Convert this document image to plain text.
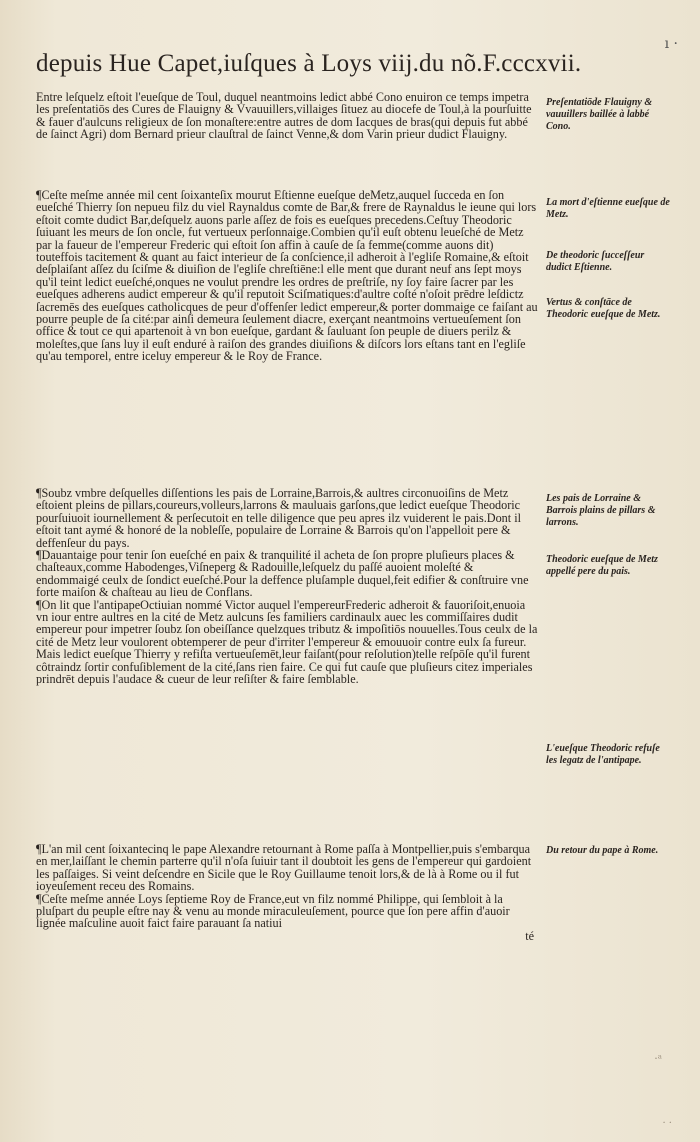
depuis Hue Capet,iuſques à Loys viij.du nõ.F.cccxvii.
ı ·

Entre leſquelz eſtoit l'eueſque de Toul, duquel neantmoins ledict abbé Cono enuiron ce temps impetra les preſentatiōs des Cures de Flauigny & Vvauuillers,villaiges ſituez au diocefe de Toul,à la pourſuitte & fauer d'aulcuns religieux de ſon monaſtere:entre autres de dom Iacques de bras(qui depuis fut abbé de ſainct Agri) dom Bernard prieur clauſtral de ſainct Venne,& dom Varin prieur dudict Flauigny.

¶Ceſte meſme année mil cent ſoixanteſix mourut Eſtienne eueſque deMetz,auquel ſucceda en ſon eueſché Thierry ſon nepueu filz du viel Raynaldus comte de Bar,& frere de Raynaldus le ieune qui lors eſtoit comte dudict Bar,deſquelz auons parle aſſez de fois es eueſques precedens.Ceſtuy Theodoric ſuiuant les meurs de ſon oncle, fut vertueux perſonnaige.Combien qu'il euſt obtenu leueſché de Metz par la faueur de l'empereur Frederic qui eſtoit ſon affin à cauſe de ſa femme(comme auons dit) touteffois tacitement & quant au faict interieur de ſa conſcience,il adheroit à l'egliſe Romaine,& eſtoit deſplaiſant aſſez du ſciſme & diuiſion de l'egliſe chreſtiēne:l elle ment que durant neuf ans ſept moys qu'il teint ledict eueſché,onques ne voulut prendre les ordres de preſtriſe, ny ſoy faire ſacrer par les eueſques adherens audict empereur & qu'il reputoit Sciſmatiques:d'aultre coſté n'oſoit prēdre leſdictz ſacremēs des eueſques catholicques de peur d'offenſer ledict empereur,& porter dommaige ce faiſant au pourre peuple de ſa cité:par ainſi demeura ſeulement diacre, exerçant neantmoins vertueuſement ſon office & tout ce qui apartenoit à vn bon eueſque, gardant & ſauluant ſon peuple de diuers perilz & moleſtes,que ſans luy il euſt enduré à raiſon des grandes diuiſions & diſcors lors eſtans tant en l'egliſe qu'au temporel, entre iceluy empereur & le Roy de France.

¶Soubz vmbre deſquelles diſſentions les pais de Lorraine,Barrois,& aultres circonuoiſins de Metz eſtoient pleins de pillars,coureurs,volleurs,larrons & mauluais garſons,que ledict eueſque Theodoric pourſuiuoit iournellement & perſecutoit en telle diligence que peu apres ilz vuiderent le pais.Dont il eſtoit tant aymé & honoré de la nobleſſe, populaire de Lorraine & Barrois qu'on l'appelloit pere & deffenſeur du pays.

¶Dauantaige pour tenir ſon eueſché en paix & tranquilité il acheta de ſon propre pluſieurs places & chaſteaux,comme Habodenges,Viſneperg & Radouille,leſquelz du paſſé auoient moleſté & endommaigé ceulx de ſondict eueſché.Pour la deffence pluſample duquel,feit edifier & conſtruire vne forte maiſon & chaſteau au lieu de Conflans.

¶On lit que l'antipapeOctiuian nommé Victor auquel l'empereurFrederic adheroit & fauoriſoit,enuoia vn iour entre aultres en la cité de Metz aulcuns ſes familiers cardinaulx auec les commiſſaires dudit empereur pour impetrer ſoubz ſon obeiſſance quelzques tributz & impoſitiōs nouuelles.Tous ceulx de la cité de Metz leur voulorent obtemperer de peur d'irriter l'empereur & emouuoir contre eulx ſa fureur. Mais ledict eueſque Thierry y refiſta vertueuſemēt,leur faiſant(pour reſolution)telle reſpōſe qu'il furent côtraindz ſortir confuſiblement de la cité,ſans rien faire. Ce qui fut cauſe que pluſieurs citez imperiales prindrēt depuis l'audace & cueur de leur reſiſter & faire ſemblable.

¶L'an mil cent ſoixantecinq le pape Alexandre retournant à Rome paſſa à Montpellier,puis s'embarqua en mer,laiſſant le chemin parterre qu'il n'oſa ſuiuir tant il doubtoit les gens de l'empereur qui gardoient les paſſaiges. Si veint deſcendre en Sicile que le Roy Guillaume tenoit lors,& de là à Rome ou il fut ioyeuſement receu des Romains.

¶Ceſte meſme année Loys ſeptieme Roy de France,eut vn filz nommé Philippe, qui ſembloit à la pluſpart du peuple eſtre nay & venu au monde miraculeuſement, pource que ſon pere affin d'auoir lignée maſculine auoit faict faire parauant ſa natiui

té

Preſentatiōde Flauigny & vauuillers baillée à labbé Cono.
La mort d'eſtienne eueſque de Metz.
De theodoric ſucceſſeur dudict Eſtienne.
Vertus & conſtāce de Theodoric eueſque de Metz.
Les pais de Lorraine & Barrois plains de pillars & larrons.
Theodoric eueſque de Metz appellé pere du pais.
L'eueſque Theodoric refuſe les legatz de l'antipape.
Du retour du pape à Rome.
·ᵃ
· ·
